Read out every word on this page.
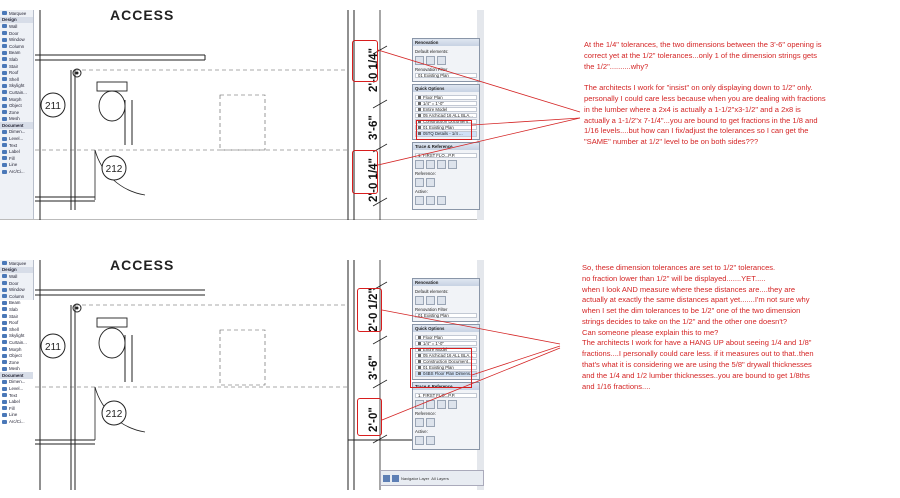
Marquee
Design
Wall
Door
Window
Column
Beam
Slab
Stair
Roof
Shell
Skylight
Curtain...
Morph
Object
Zone
Mesh
Document
Dimen...
Level...
Text
Label
Fill
Line
Arc/Ci...
ACCESS
211
212
2'-0 1/4"
3'-6"
2'-0 1/4"
Renovation
Default elements:
Renovation Filter
01 Existing Plan
Quick Options
Floor Plan
1/4" = 1'-0"
Entire Model
05 Archicad 16 ALL BLA...
Construction Document...
01 Existing Plan
05TQ Details - 1/4 ...
Trace & Reference
1. FIRST FLO...P.P.
Reference:
Active:
Marquee
Design
Wall
Door
Window
Column
Beam
Slab
Stair
Roof
Shell
Skylight
Curtain...
Morph
Object
Zone
Mesh
Document
Dimen...
Level...
Text
Label
Fill
Line
Arc/Ci...
ACCESS
211
212
2'-0 1/2"
3'-6"
2'-0"
Renovation
Default elements:
Renovation Filter
01 Existing Plan
Quick Options
Floor Plan
1/4" = 1'-0"
Entire Model
05 Archicad 16 ALL BLA...
Construction Document...
01 Existing Plan
04BS Floor Plan Dimens...
Trace & Reference
1. FIRST FLO...P.P.
Reference:
Active:
Navigator Layer All Layers

At the 1/4" tolerances, the two dimensions between the 3'-6" opening is

correct yet at the 1/2" tolerances...only 1 of the dimension strings gets

the 1/2"..........why?

The architects I work for "insist" on only displaying down to 1/2" only.

personally I could care less because when you are dealing with fractions

in the lumber where a 2x4 is actually a 1-1/2"x3-1/2" and a 2x8 is

actually a 1-1/2"x 7-1/4"...you are bound to get fractions in the 1/8 and

1/16 levels....but how can I fix/adjust the tolerances so I can get the

"SAME" number at 1/2" level to be on both sides???

So, these dimension tolerances are set to 1/2" tolerances.

no fraction lower than 1/2" will be displayed.......YET.....

when I look AND measure where these distances are....they are

actually at exactly the same distances apart yet.......I'm not sure why

when I set the dim tolerances to be 1/2" one of the two dimension

strings decides to take on the 1/2" and the other one doesn't?

Can someone please explain this to me?

The architects I work for have a HANG UP about seeing 1/4 and 1/8"

fractions....I personally could care less. if it measures out to that..then

that's what it is considering we are using the 5/8" drywall thicknesses

and the 1/4 and 1/2 lumber thicknesses..you are bound to get 1/8ths

and 1/16 fractions....
